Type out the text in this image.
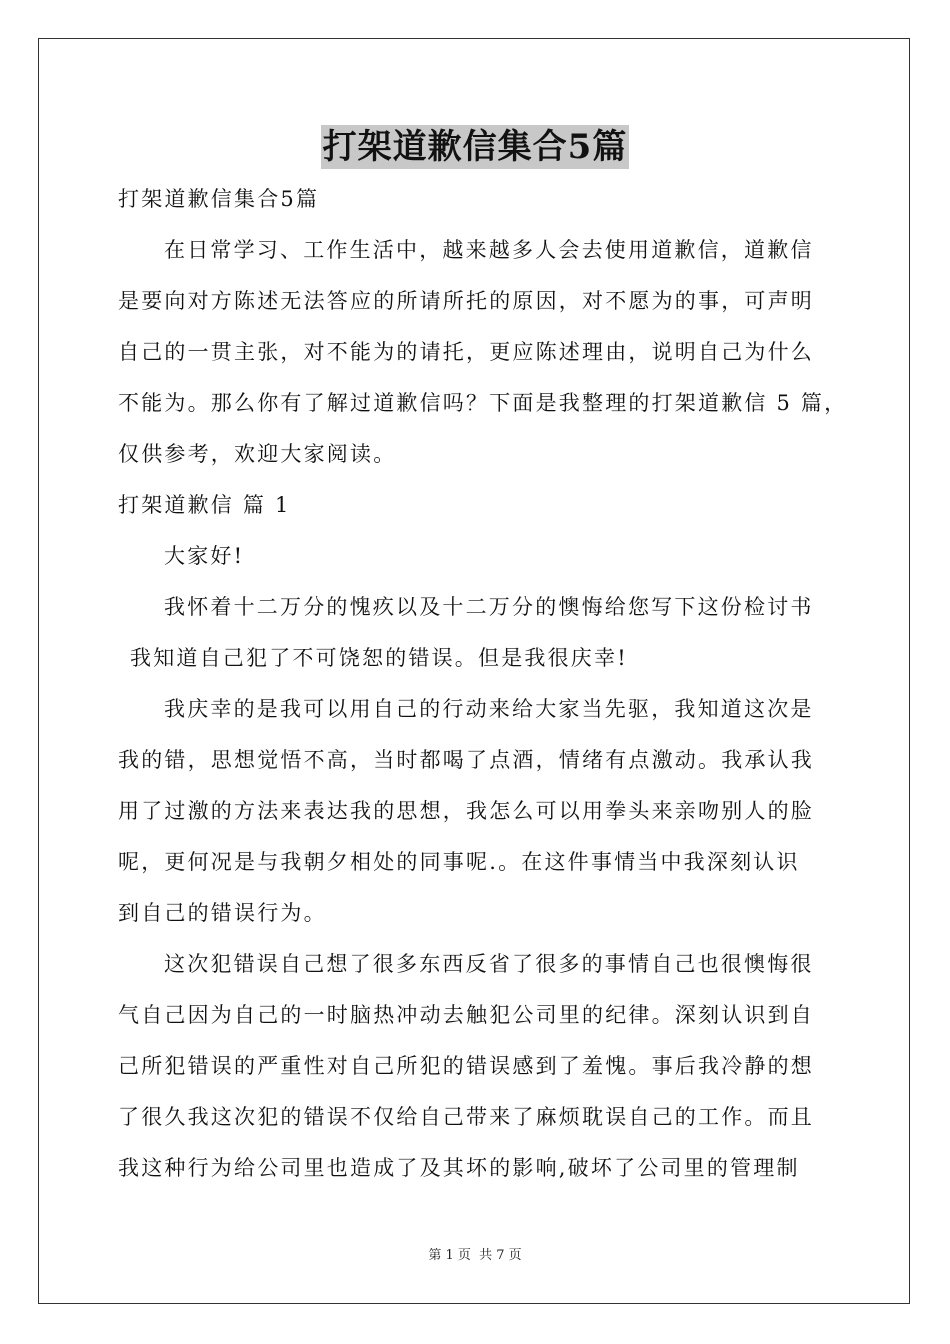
打架道歉信集合5篇
打架道歉信集合5篇
在日常学习、工作生活中，越来越多人会去使用道歉信，道歉信
是要向对方陈述无法答应的所请所托的原因，对不愿为的事，可声明
自己的一贯主张，对不能为的请托，更应陈述理由，说明自己为什么
不能为。那么你有了解过道歉信吗？下面是我整理的打架道歉信 5 篇，
仅供参考，欢迎大家阅读。
打架道歉信 篇 1
大家好!
我怀着十二万分的愧疚以及十二万分的懊悔给您写下这份检讨书
我知道自己犯了不可饶恕的错误。但是我很庆幸!
我庆幸的是我可以用自己的行动来给大家当先驱，我知道这次是
我的错，思想觉悟不高，当时都喝了点酒，情绪有点激动。我承认我
用了过激的方法来表达我的思想，我怎么可以用拳头来亲吻别人的脸
呢，更何况是与我朝夕相处的同事呢.。在这件事情当中我深刻认识
到自己的错误行为。
这次犯错误自己想了很多东西反省了很多的事情自己也很懊悔很
气自己因为自己的一时脑热冲动去触犯公司里的纪律。深刻认识到自
己所犯错误的严重性对自己所犯的错误感到了羞愧。事后我冷静的想
了很久我这次犯的错误不仅给自己带来了麻烦耽误自己的工作。而且
我这种行为给公司里也造成了及其坏的影响,破坏了公司里的管理制
第 1 页 共 7 页
